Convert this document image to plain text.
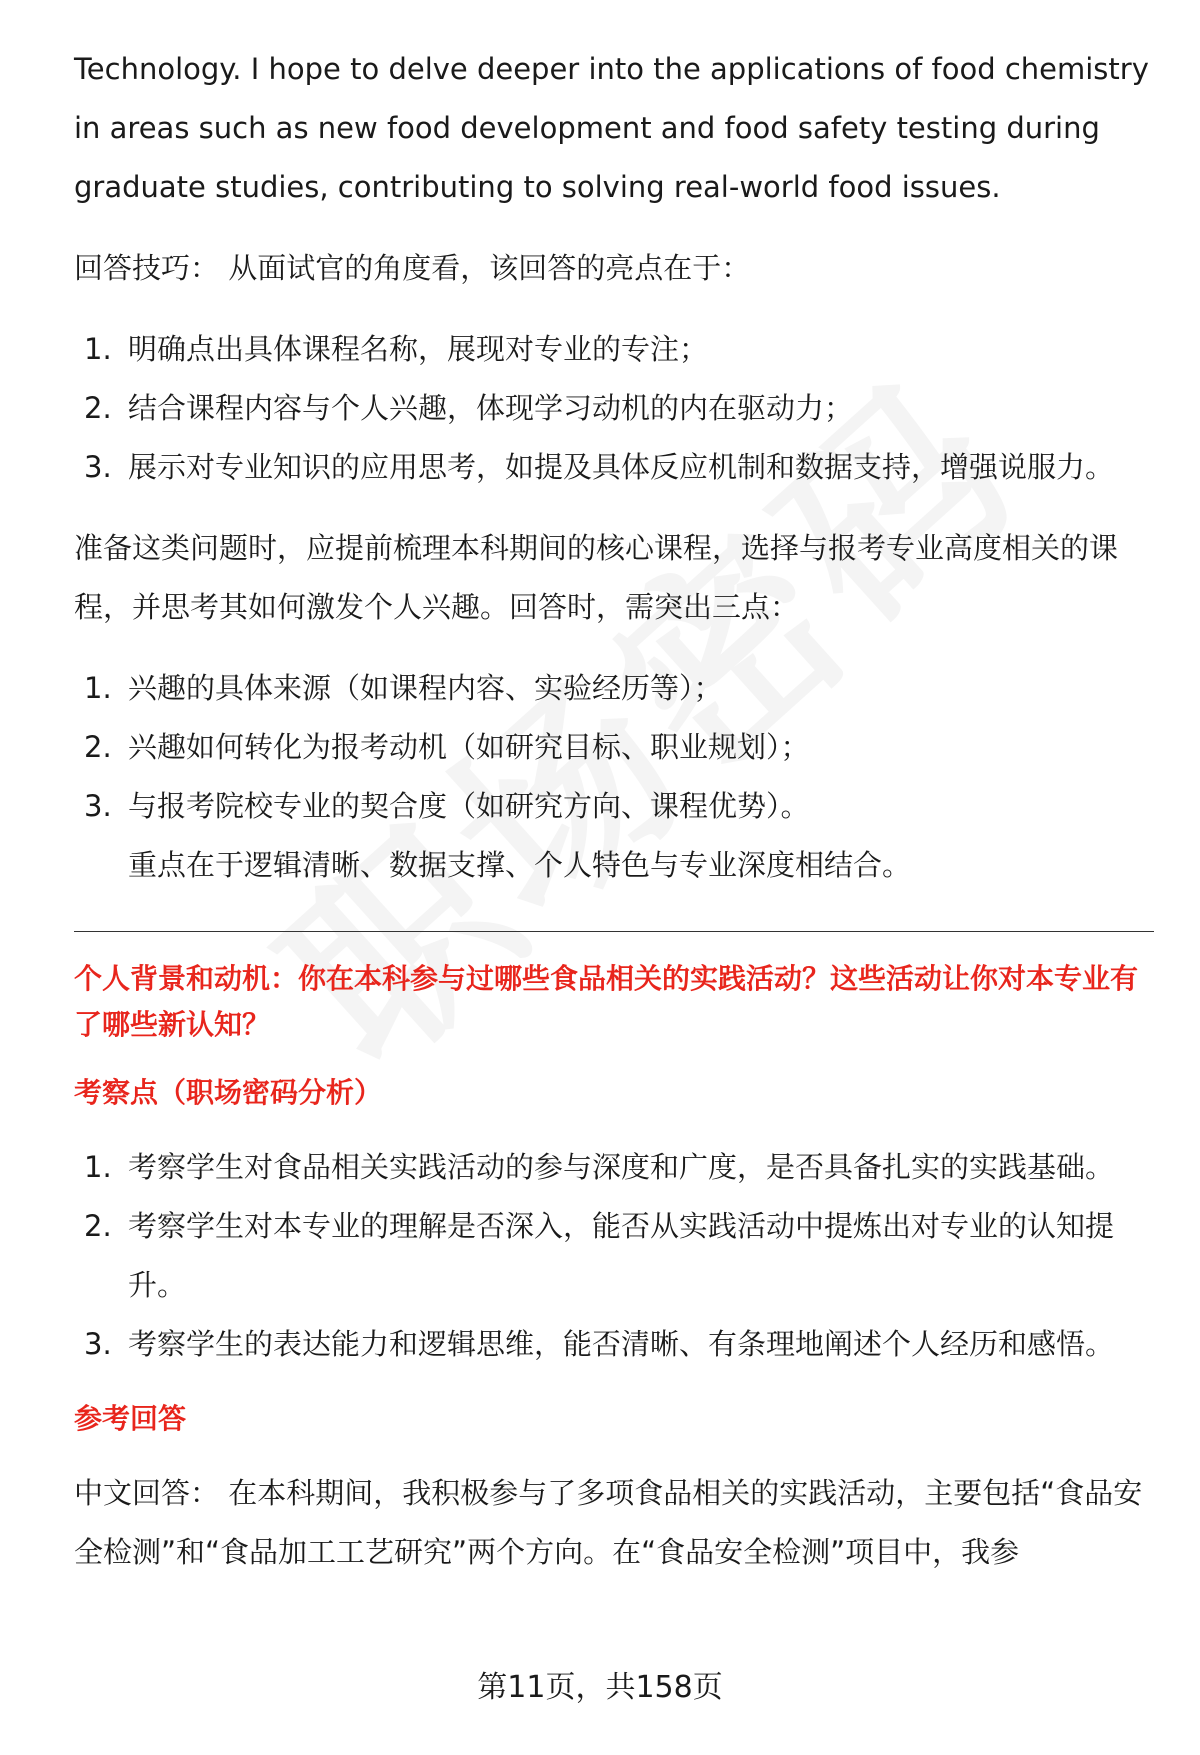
Technology. I hope to delve deeper into the applications of food chemistry

in areas such as new food development and food safety testing during

graduate studies, contributing to solving real-world food issues.

回答技巧： 从面试官的角度看，该回答的亮点在于：

1. 明确点出具体课程名称，展现对专业的专注；
2. 结合课程内容与个人兴趣，体现学习动机的内在驱动力；
3. 展示对专业知识的应用思考，如提及具体反应机制和数据支持，增强说服力。

准备这类问题时，应提前梳理本科期间的核心课程，选择与报考专业高度相关的课程，并思考其如何激发个人兴趣。回答时，需突出三点：

1. 兴趣的具体来源（如课程内容、实验经历等）；
2. 兴趣如何转化为报考动机（如研究目标、职业规划）；
3. 与报考院校专业的契合度（如研究方向、课程优势）。
重点在于逻辑清晰、数据支撑、个人特色与专业深度相结合。

个人背景和动机：你在本科参与过哪些食品相关的实践活动？这些活动让你对本专业有了哪些新认知？

考察点（职场密码分析）

1. 考察学生对食品相关实践活动的参与深度和广度，是否具备扎实的实践基础。
2. 考察学生对本专业的理解是否深入，能否从实践活动中提炼出对专业的认知提升。
3. 考察学生的表达能力和逻辑思维，能否清晰、有条理地阐述个人经历和感悟。

参考回答

中文回答： 在本科期间，我积极参与了多项食品相关的实践活动，主要包括“食品安全检测”和“食品加工工艺研究”两个方向。在“食品安全检测”项目中，我参

第11页，共158页
